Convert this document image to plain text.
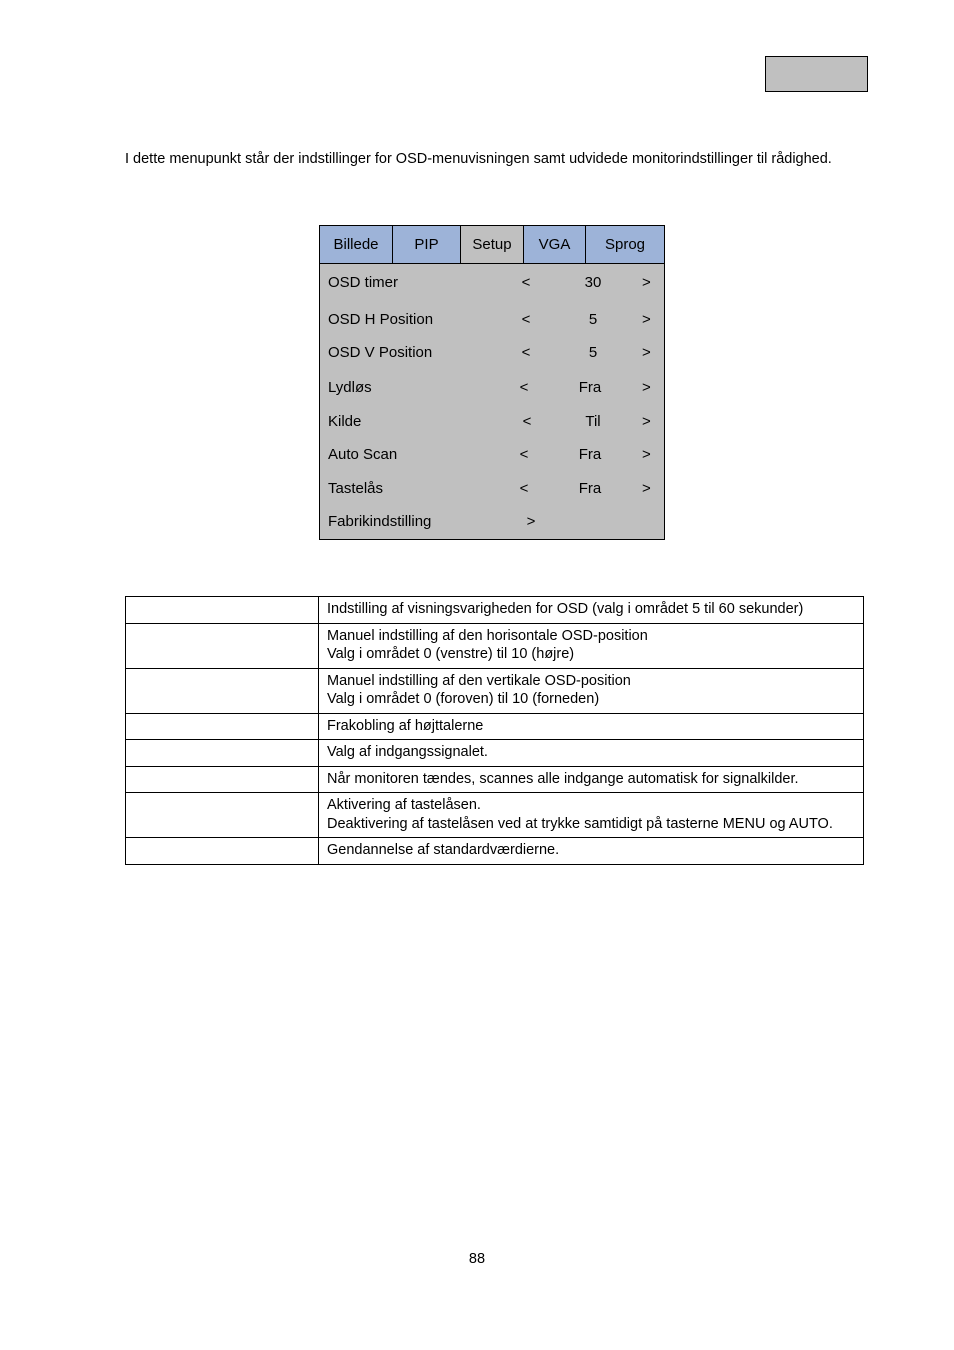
I dette menupunkt står der indstillinger for OSD-menuvisningen samt udvidede monitorindstillinger til rådighed.

Billede	PIP	Setup	VGA	Sprog
OSD timer	<	30	>
OSD H Position	<	5	>
OSD V Position	<	5	>
Lydløs	<	Fra	>
Kilde	<	Til	>
Auto Scan	<	Fra	>
Tastelås	<	Fra	>
Fabrikindstilling	>

	Indstilling af visningsvarigheden for OSD (valg i området 5 til 60 sekunder)

	Manuel indstilling af den horisontale OSD-position
Valg i området 0 (venstre) til 10 (højre)

	Manuel indstilling af den vertikale OSD-position
Valg i området 0 (foroven) til 10 (forneden)

	Frakobling af højttalerne

	Valg af indgangssignalet.

	Når monitoren tændes, scannes alle indgange automatisk for signalkilder.

	Aktivering af tastelåsen.
Deaktivering af tastelåsen ved at trykke samtidigt på tasterne MENU og AUTO.

	Gendannelse af standardværdierne.
88
